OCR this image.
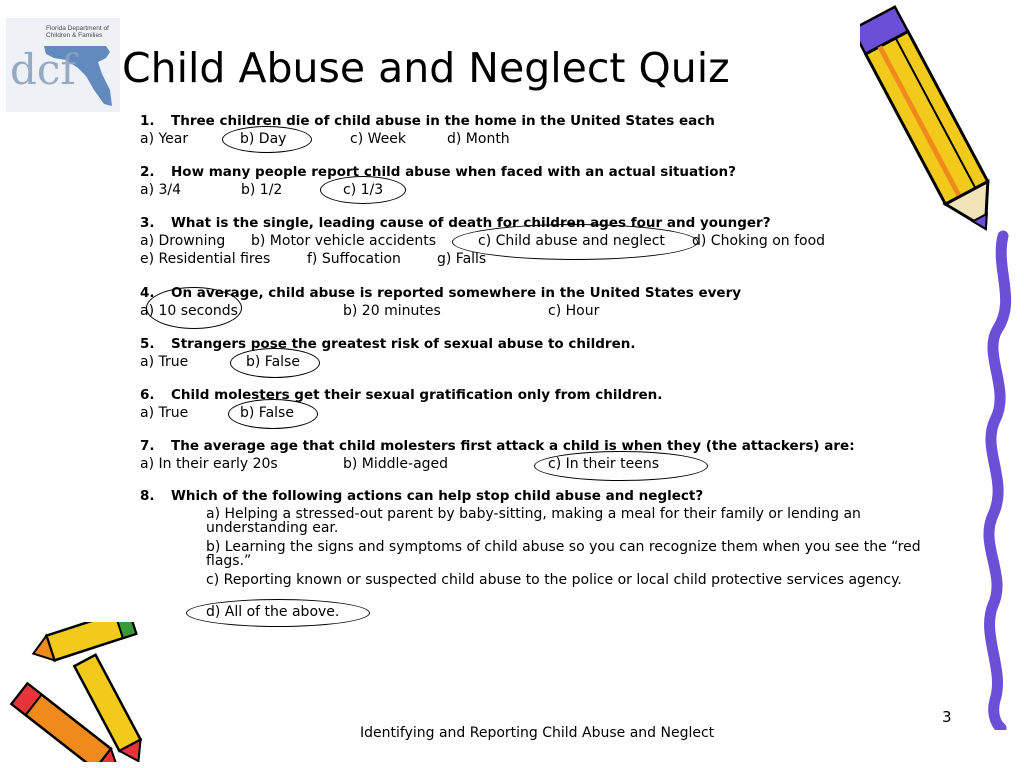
dcf
Florida Department of
Children & Families
Child Abuse and Neglect Quiz
1. Three children die of child abuse in the home in the United States each
a) Year	b) Day	c) Week	d) Month
2. How many people report child abuse when faced with an actual situation?
a) 3/4	b) 1/2	c) 1/3
3. What is the single, leading cause of death for children ages four and younger?
a) Drowning b) Motor vehicle accidents	c) Child abuse and neglect d) Choking on food
e) Residential fires	f) Suffocation	g) Falls
4. On average, child abuse is reported somewhere in the United States every
a) 10 seconds	b) 20 minutes	c) Hour
5. Strangers pose the greatest risk of sexual abuse to children.
a) True	b) False
6. Child molesters get their sexual gratification only from children.
a) True	b) False
7. The average age that child molesters first attack a child is when they (the attackers) are:
a) In their early 20s	b) Middle-aged	c) In their teens
8. Which of the following actions can help stop child abuse and neglect?
a) Helping a stressed-out parent by baby-sitting, making a meal for their family or lending an understanding ear.
b) Learning the signs and symptoms of child abuse so you can recognize them when you see the “red flags.”
c) Reporting known or suspected child abuse to the police or local child protective services agency.
d) All of the above.
Identifying and Reporting Child Abuse and Neglect
3
